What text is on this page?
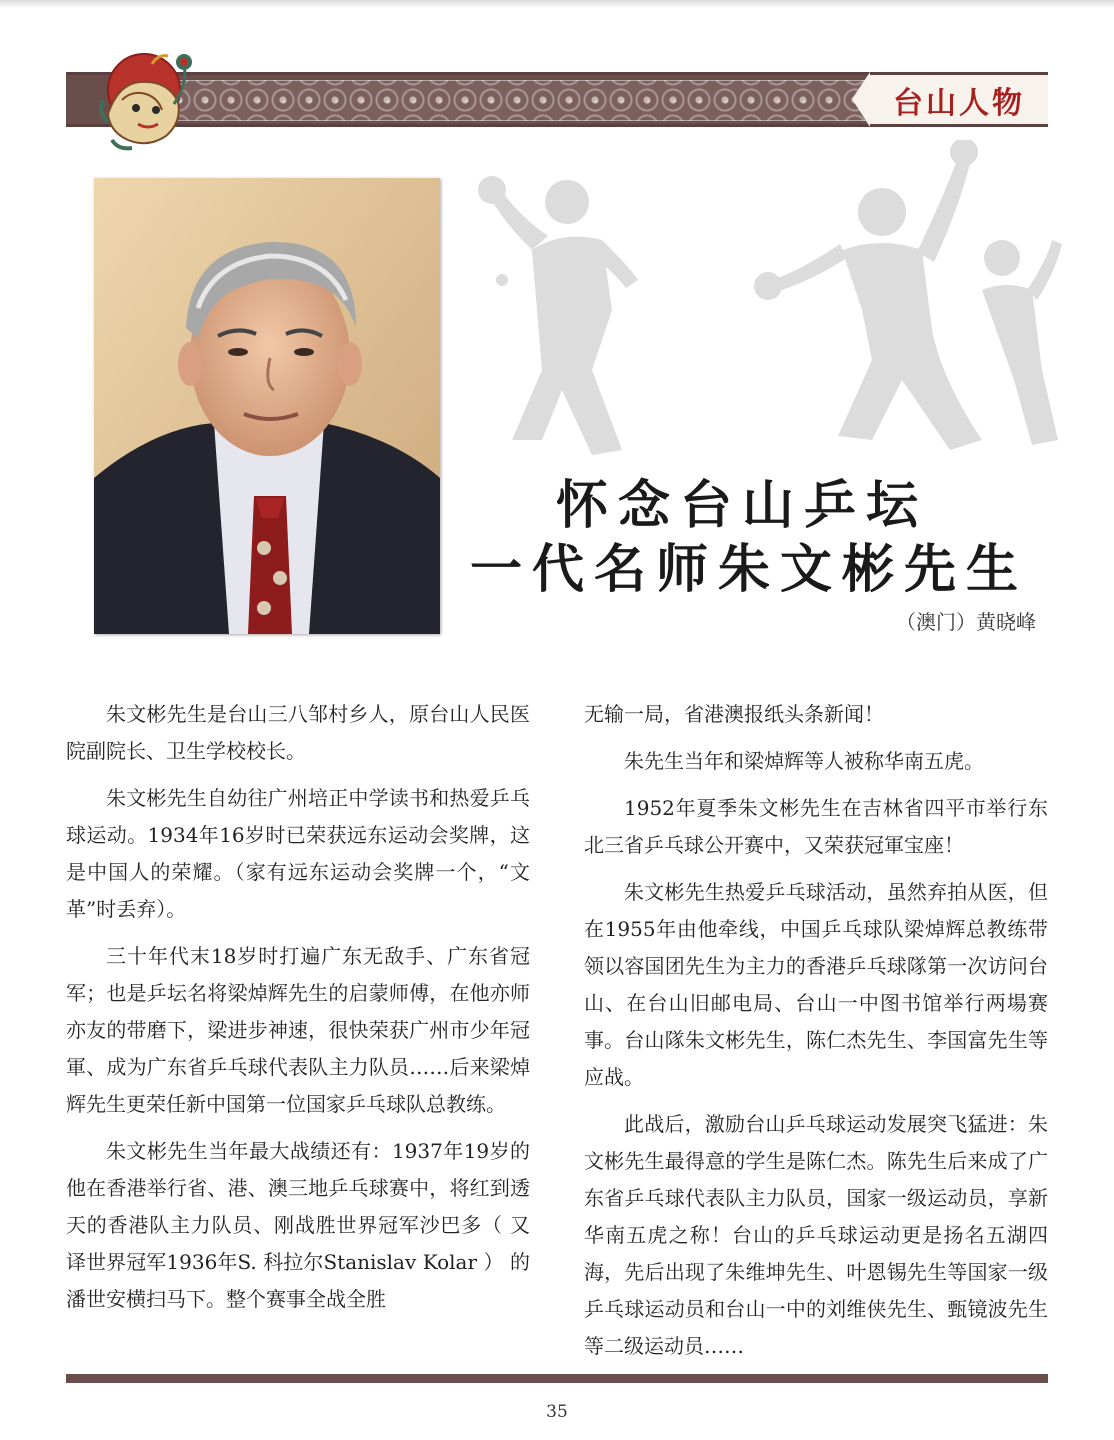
台山人物
怀念台山乒坛
一代名师朱文彬先生
（澳门）黄晓峰

朱文彬先生是台山三八邹村乡人，原台山人民医院副院长、卫生学校校长。

朱文彬先生自幼往广州培正中学读书和热爱乒乓球运动。1934年16岁时已荣获远东运动会奖牌，这是中国人的荣耀。（家有远东运动会奖牌一个，“文革”时丢弃）。

三十年代末18岁时打遍广东无敌手、广东省冠军；也是乒坛名将梁焯辉先生的启蒙师傅，在他亦师亦友的带磨下，梁进步神速，很快荣获广州市少年冠軍、成为广东省乒乓球代表队主力队员……后来梁焯辉先生更荣任新中国第一位国家乒乓球队总教练。

朱文彬先生当年最大战绩还有：1937年19岁的他在香港举行省、港、澳三地乒乓球赛中，将红到透天的香港队主力队员、刚战胜世界冠军沙巴多（ 又译世界冠军1936年S. 科拉尔Stanislav Kolar ） 的潘世安横扫马下。整个赛事全战全胜

无输一局，省港澳报纸头条新闻！

朱先生当年和梁焯辉等人被称华南五虎。

1952年夏季朱文彬先生在吉林省四平市举行东北三省乒乓球公开赛中，又荣获冠軍宝座！

朱文彬先生热爱乒乓球活动，虽然弃拍从医，但在1955年由他牵线，中国乒乓球队梁焯辉总教练带领以容国团先生为主力的香港乒乓球隊第一次访问台山、在台山旧邮电局、台山一中图书馆举行两場赛事。台山隊朱文彬先生，陈仁杰先生、李国富先生等应战。

此战后，激励台山乒乓球运动发展突飞猛进：朱文彬先生最得意的学生是陈仁杰。陈先生后来成了广东省乒乓球代表队主力队员，国家一级运动员，享新华南五虎之称！台山的乒乓球运动更是扬名五湖四海，先后出现了朱维坤先生、叶恩锡先生等国家一级乒乓球运动员和台山一中的刘维侠先生、甄镜波先生等二级运动员……

35
